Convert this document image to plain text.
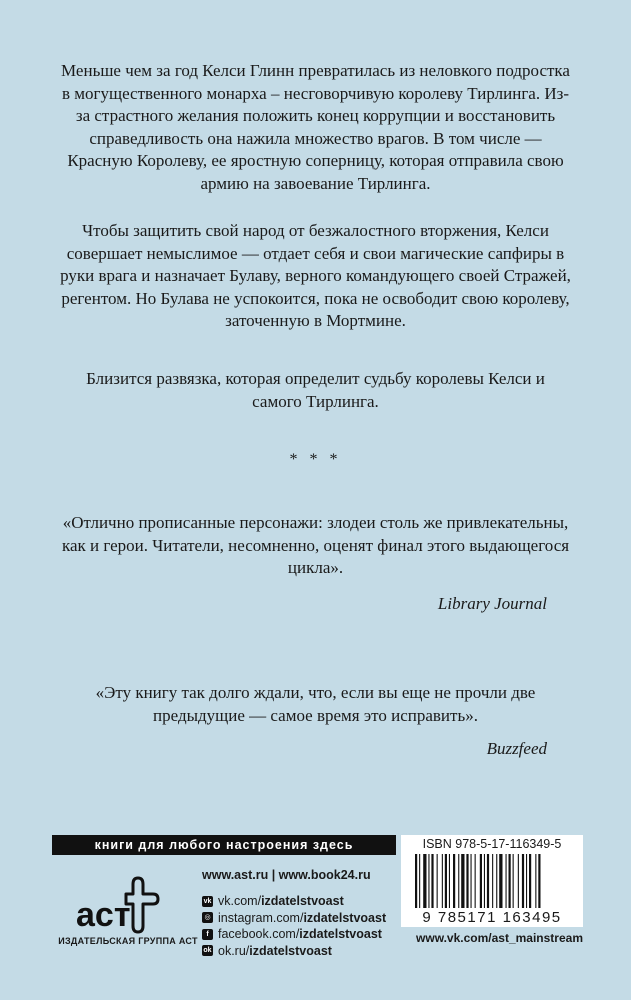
Меньше чем за год Келси Глинн превратилась из неловкого подростка в могущественного монарха – несговорчивую королеву Тирлинга. Из-за страстного желания положить конец коррупции и восстановить справедливость она нажила множество врагов. В том числе — Красную Королеву, ее яростную соперницу, которая отправила свою армию на завоевание Тирлинга.

Чтобы защитить свой народ от безжалостного вторжения, Келси совершает немыслимое — отдает себя и свои магические сапфиры в руки врага и назначает Булаву, верного командующего своей Стражей, регентом. Но Булава не успокоится, пока не освободит свою королеву, заточенную в Мортмине.

Близится развязка, которая определит судьбу королевы Келси и самого Тирлинга.

* * *

«Отлично прописанные персонажи: злодеи столь же привлекательны, как и герои. Читатели, несомненно, оценят финал этого выдающегося цикла».

Library Journal

«Эту книгу так долго ждали, что, если вы еще не прочли две предыдущие — самое время это исправить».

Buzzfeed
книги для любого настроения здесь
аст
ИЗДАТЕЛЬСКАЯ ГРУППА АСТ
www.ast.ru | www.book24.ru
vk vk.com/ izdatelstvoast
◎ instagram.com/ izdatelstvoast
f facebook.com/ izdatelstvoast
ok ok.ru/ izdatelstvoast
ISBN 978-5-17-116349-5
9 785171 163495
www.vk.com/ast_mainstream
